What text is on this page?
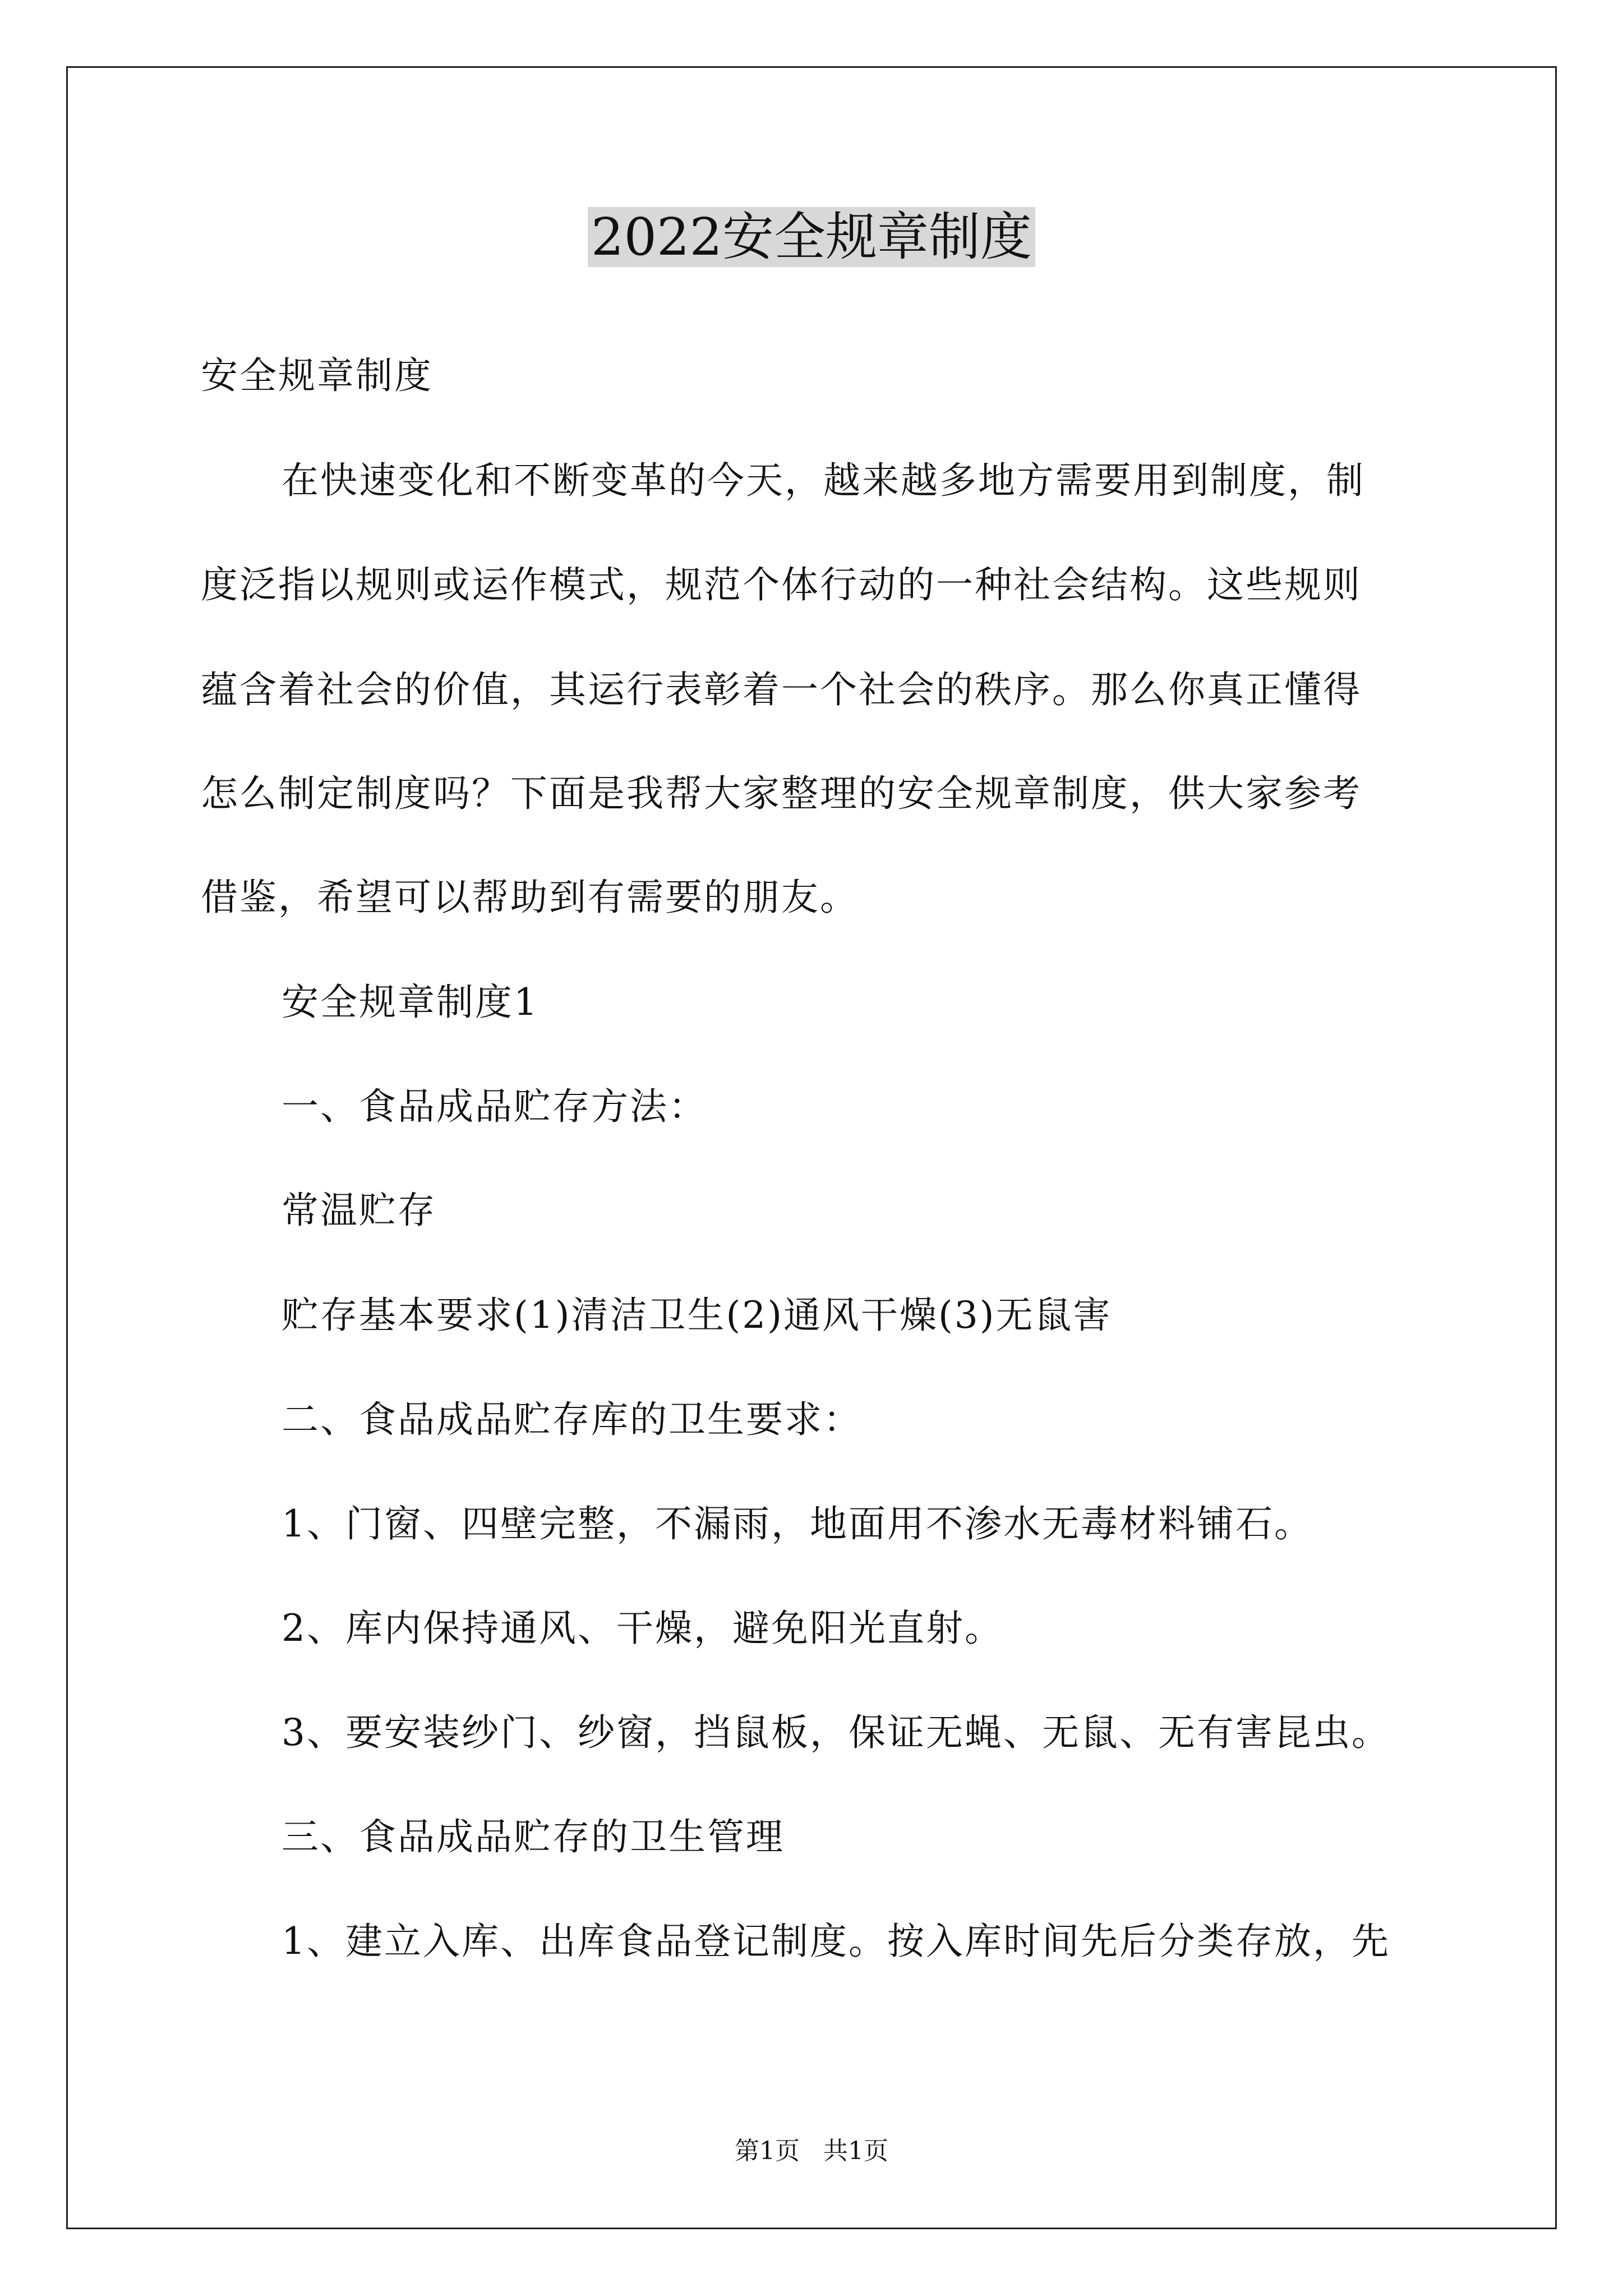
2022安全规章制度
安全规章制度
在快速变化和不断变革的今天，越来越多地方需要用到制度，制
度泛指以规则或运作模式，规范个体行动的一种社会结构。这些规则
蕴含着社会的价值，其运行表彰着一个社会的秩序。那么你真正懂得
怎么制定制度吗？下面是我帮大家整理的安全规章制度，供大家参考
借鉴，希望可以帮助到有需要的朋友。
安全规章制度1
一、食品成品贮存方法：
常温贮存
贮存基本要求(1)清洁卫生(2)通风干燥(3)无鼠害
二、食品成品贮存库的卫生要求：
1、门窗、四壁完整，不漏雨，地面用不渗水无毒材料铺石。
2、库内保持通风、干燥，避免阳光直射。
3、要安装纱门、纱窗，挡鼠板，保证无蝇、无鼠、无有害昆虫。
三、食品成品贮存的卫生管理
1、建立入库、出库食品登记制度。按入库时间先后分类存放，先
第1页   共1页
